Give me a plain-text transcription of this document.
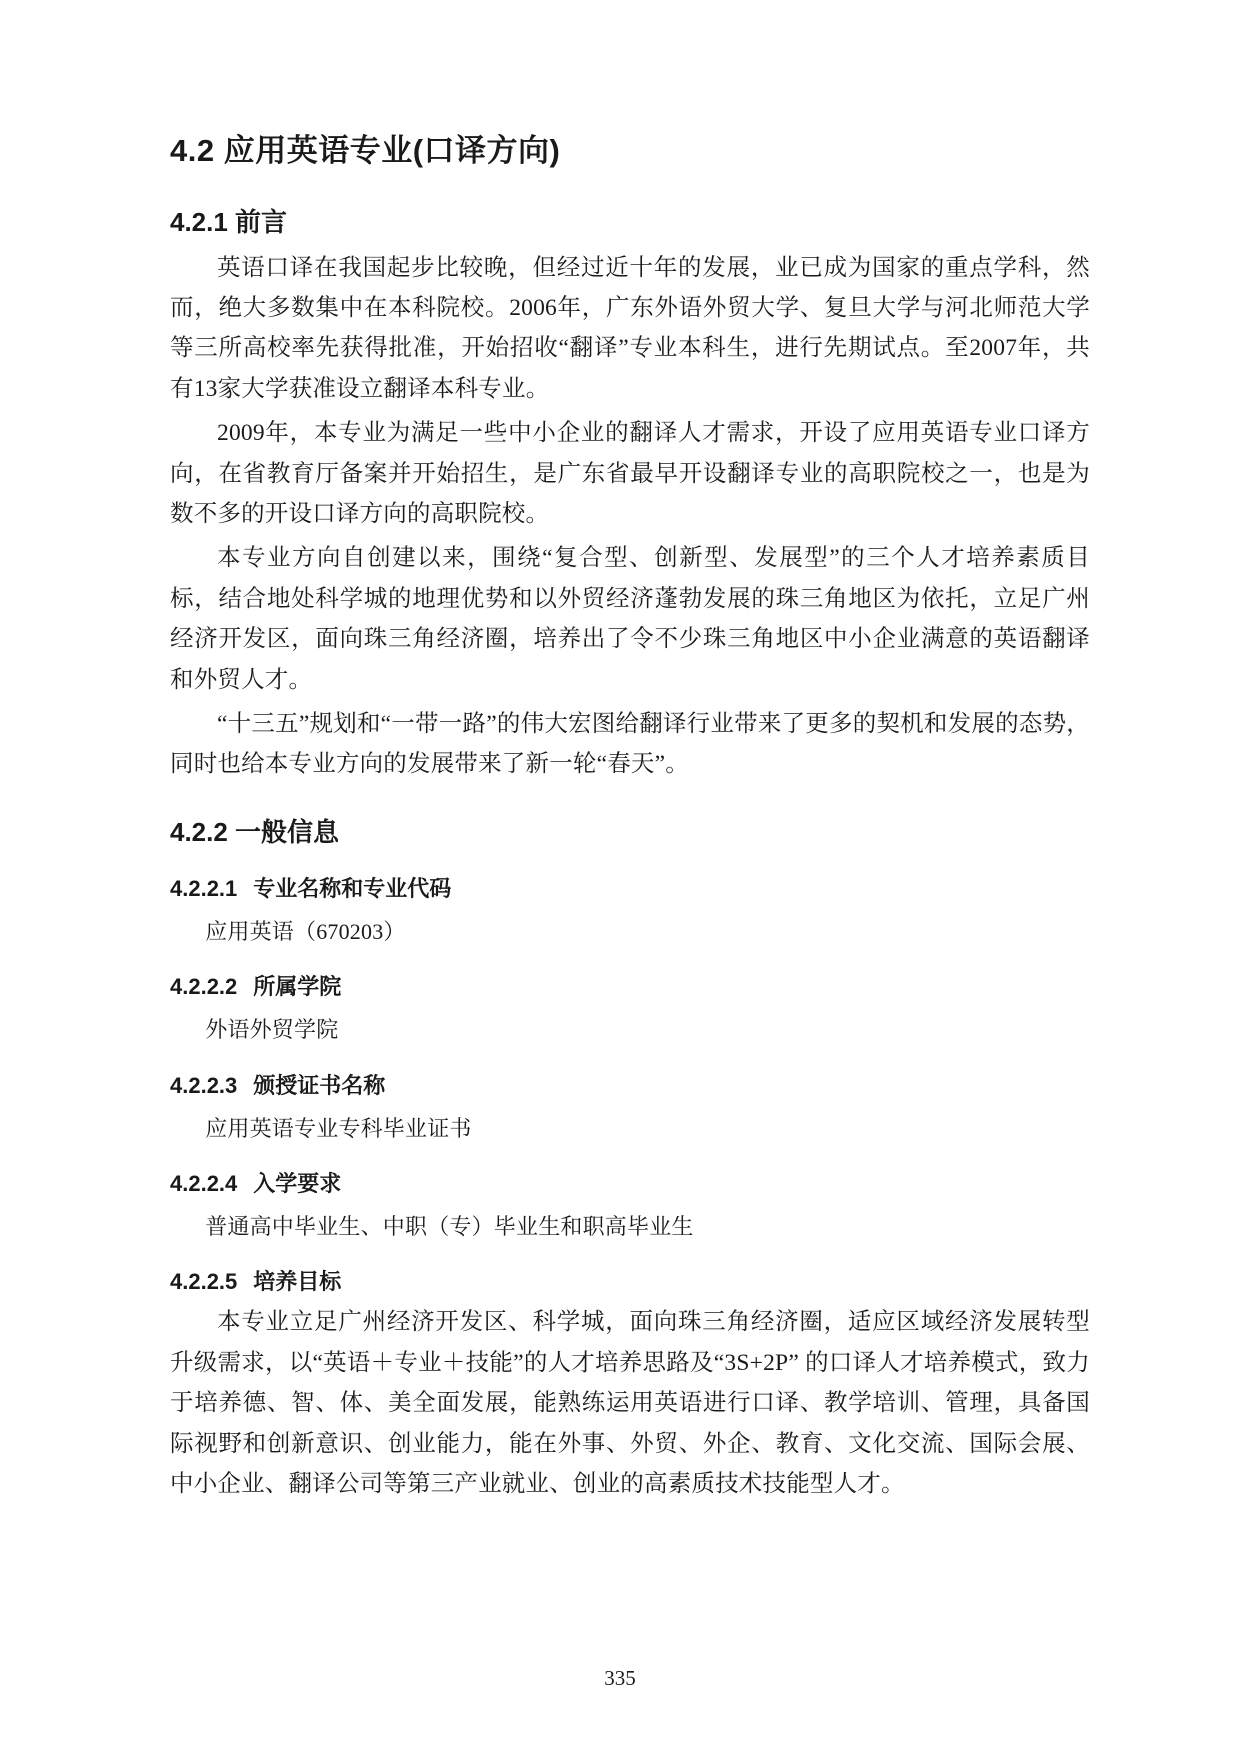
4.2 应用英语专业(口译方向)
4.2.1 前言

英语口译在我国起步比较晚，但经过近十年的发展，业已成为国家的重点学科，然而，绝大多数集中在本科院校。2006年，广东外语外贸大学、复旦大学与河北师范大学等三所高校率先获得批准，开始招收“翻译”专业本科生，进行先期试点。至2007年，共有13家大学获准设立翻译本科专业。

2009年，本专业为满足一些中小企业的翻译人才需求，开设了应用英语专业口译方向，在省教育厅备案并开始招生，是广东省最早开设翻译专业的高职院校之一，也是为数不多的开设口译方向的高职院校。

本专业方向自创建以来，围绕“复合型、创新型、发展型”的三个人才培养素质目标，结合地处科学城的地理优势和以外贸经济蓬勃发展的珠三角地区为依托，立足广州经济开发区，面向珠三角经济圈，培养出了令不少珠三角地区中小企业满意的英语翻译和外贸人才。

“十三五”规划和“一带一路”的伟大宏图给翻译行业带来了更多的契机和发展的态势，同时也给本专业方向的发展带来了新一轮“春天”。

4.2.2 一般信息
4.2.2.1 专业名称和专业代码

应用英语（670203）

4.2.2.2 所属学院

外语外贸学院

4.2.2.3 颁授证书名称

应用英语专业专科毕业证书

4.2.2.4 入学要求

普通高中毕业生、中职（专）毕业生和职高毕业生

4.2.2.5 培养目标

本专业立足广州经济开发区、科学城，面向珠三角经济圈，适应区域经济发展转型升级需求，以“英语＋专业＋技能”的人才培养思路及“3S+2P” 的口译人才培养模式，致力于培养德、智、体、美全面发展，能熟练运用英语进行口译、教学培训、管理，具备国际视野和创新意识、创业能力，能在外事、外贸、外企、教育、文化交流、国际会展、中小企业、翻译公司等第三产业就业、创业的高素质技术技能型人才。

335
